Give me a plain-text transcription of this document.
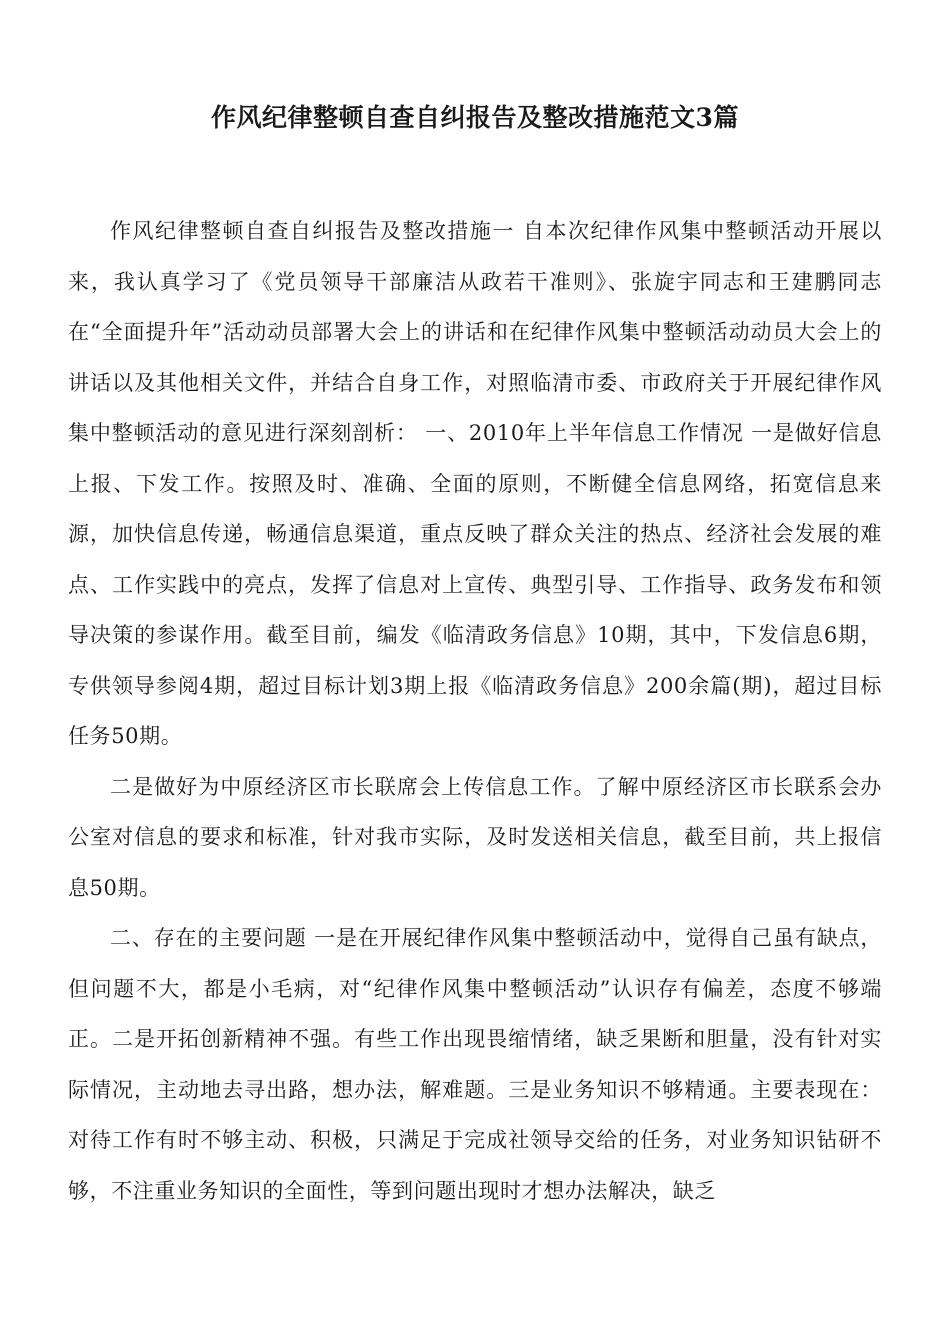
作风纪律整顿自查自纠报告及整改措施范文3篇

作风纪律整顿自查自纠报告及整改措施一 自本次纪律作风集中整顿活动开展以来，我认真学习了《党员领导干部廉洁从政若干准则》、张旋宇同志和王建鹏同志在“全面提升年”活动动员部署大会上的讲话和在纪律作风集中整顿活动动员大会上的讲话以及其他相关文件，并结合自身工作，对照临清市委、市政府关于开展纪律作风集中整顿活动的意见进行深刻剖析： 一、2010年上半年信息工作情况 一是做好信息上报、下发工作。按照及时、准确、全面的原则，不断健全信息网络，拓宽信息来源，加快信息传递，畅通信息渠道，重点反映了群众关注的热点、经济社会发展的难点、工作实践中的亮点，发挥了信息对上宣传、典型引导、工作指导、政务发布和领导决策的参谋作用。截至目前，编发《临清政务信息》10期，其中，下发信息6期，专供领导参阅4期，超过目标计划3期上报《临清政务信息》200余篇(期)，超过目标任务50期。

二是做好为中原经济区市长联席会上传信息工作。了解中原经济区市长联系会办公室对信息的要求和标准，针对我市实际，及时发送相关信息，截至目前，共上报信息50期。

二、存在的主要问题 一是在开展纪律作风集中整顿活动中，觉得自己虽有缺点，但问题不大，都是小毛病，对“纪律作风集中整顿活动”认识存有偏差，态度不够端正。二是开拓创新精神不强。有些工作出现畏缩情绪，缺乏果断和胆量，没有针对实际情况，主动地去寻出路，想办法，解难题。三是业务知识不够精通。主要表现在：对待工作有时不够主动、积极，只满足于完成社领导交给的任务，对业务知识钻研不够，不注重业务知识的全面性，等到问题出现时才想办法解决，缺乏
